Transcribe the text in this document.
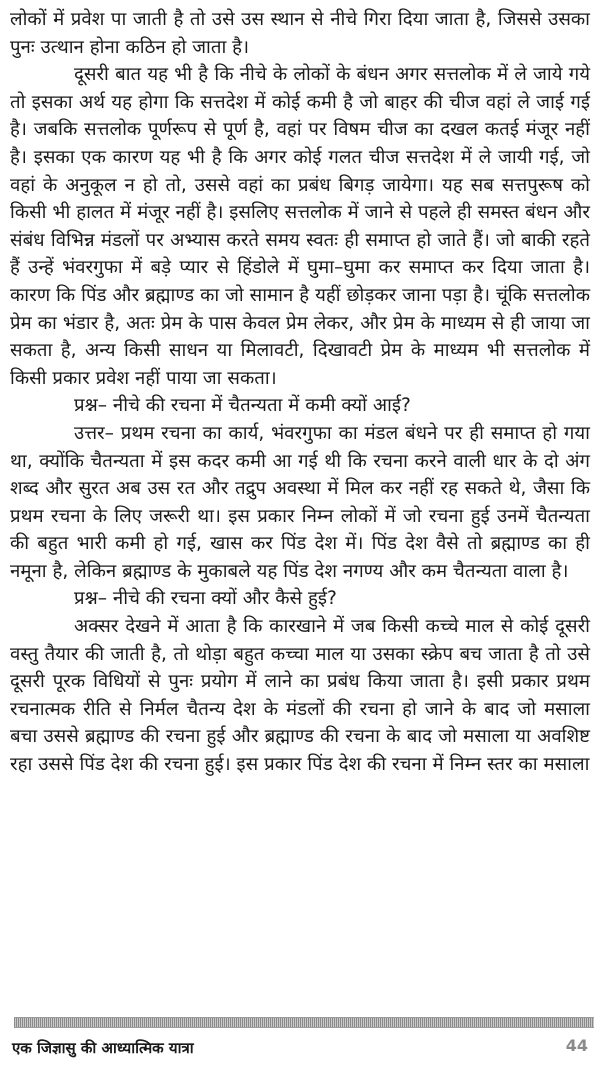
लोकों में प्रवेश पा जाती है तो उसे उस स्थान से नीचे गिरा दिया जाता है, जिससे उसका पुनः उत्थान होना कठिन हो जाता है।

दूसरी बात यह भी है कि नीचे के लोकों के बंधन अगर सत्तलोक में ले जाये गये तो इसका अर्थ यह होगा कि सत्तदेश में कोई कमी है जो बाहर की चीज वहां ले जाई गई है। जबकि सत्तलोक पूर्णरूप से पूर्ण है, वहां पर विषम चीज का दखल कतई मंजूर नहीं है। इसका एक कारण यह भी है कि अगर कोई गलत चीज सत्तदेश में ले जायी गई, जो वहां के अनुकूल न हो तो, उससे वहां का प्रबंध बिगड़ जायेगा। यह सब सत्तपुरूष को किसी भी हालत में मंजूर नहीं है। इसलिए सत्तलोक में जाने से पहले ही समस्त बंधन और संबंध विभिन्न मंडलों पर अभ्यास करते समय स्वतः ही समाप्त हो जाते हैं। जो बाकी रहते हैं उन्हें भंवरगुफा में बड़े प्यार से हिंडोले में घुमा–घुमा कर समाप्त कर दिया जाता है। कारण कि पिंड और ब्रह्माण्ड का जो सामान है यहीं छोड़कर जाना पड़ा है। चूंकि सत्तलोक प्रेम का भंडार है, अतः प्रेम के पास केवल प्रेम लेकर, और प्रेम के माध्यम से ही जाया जा सकता है, अन्य किसी साधन या मिलावटी, दिखावटी प्रेम के माध्यम भी सत्तलोक में किसी प्रकार प्रवेश नहीं पाया जा सकता।

प्रश्न– नीचे की रचना में चैतन्यता में कमी क्यों आई?

उत्तर– प्रथम रचना का कार्य, भंवरगुफा का मंडल बंधने पर ही समाप्त हो गया था, क्योंकि चैतन्यता में इस कदर कमी आ गई थी कि रचना करने वाली धार के दो अंग शब्द और सुरत अब उस रत और तद्रुप अवस्था में मिल कर नहीं रह सकते थे, जैसा कि प्रथम रचना के लिए जरूरी था। इस प्रकार निम्न लोकों में जो रचना हुई उनमें चैतन्यता की बहुत भारी कमी हो गई, खास कर पिंड देश में। पिंड देश वैसे तो ब्रह्माण्ड का ही नमूना है, लेकिन ब्रह्माण्ड के मुकाबले यह पिंड देश नगण्य और कम चैतन्यता वाला है।

प्रश्न– नीचे की रचना क्यों और कैसे हुई?

अक्सर देखने में आता है कि कारखाने में जब किसी कच्चे माल से कोई दूसरी वस्तु तैयार की जाती है, तो थोड़ा बहुत कच्चा माल या उसका स्क्रेप बच जाता है तो उसे दूसरी पूरक विधियों से पुनः प्रयोग में लाने का प्रबंध किया जाता है। इसी प्रकार प्रथम रचनात्मक रीति से निर्मल चैतन्य देश के मंडलों की रचना हो जाने के बाद जो मसाला बचा उससे ब्रह्माण्ड की रचना हुई और ब्रह्माण्ड की रचना के बाद जो मसाला या अवशिष्ट रहा उससे पिंड देश की रचना हुई। इस प्रकार पिंड देश की रचना में निम्न स्तर का मसाला

एक जिज्ञासु की आध्यात्मिक यात्रा	44
